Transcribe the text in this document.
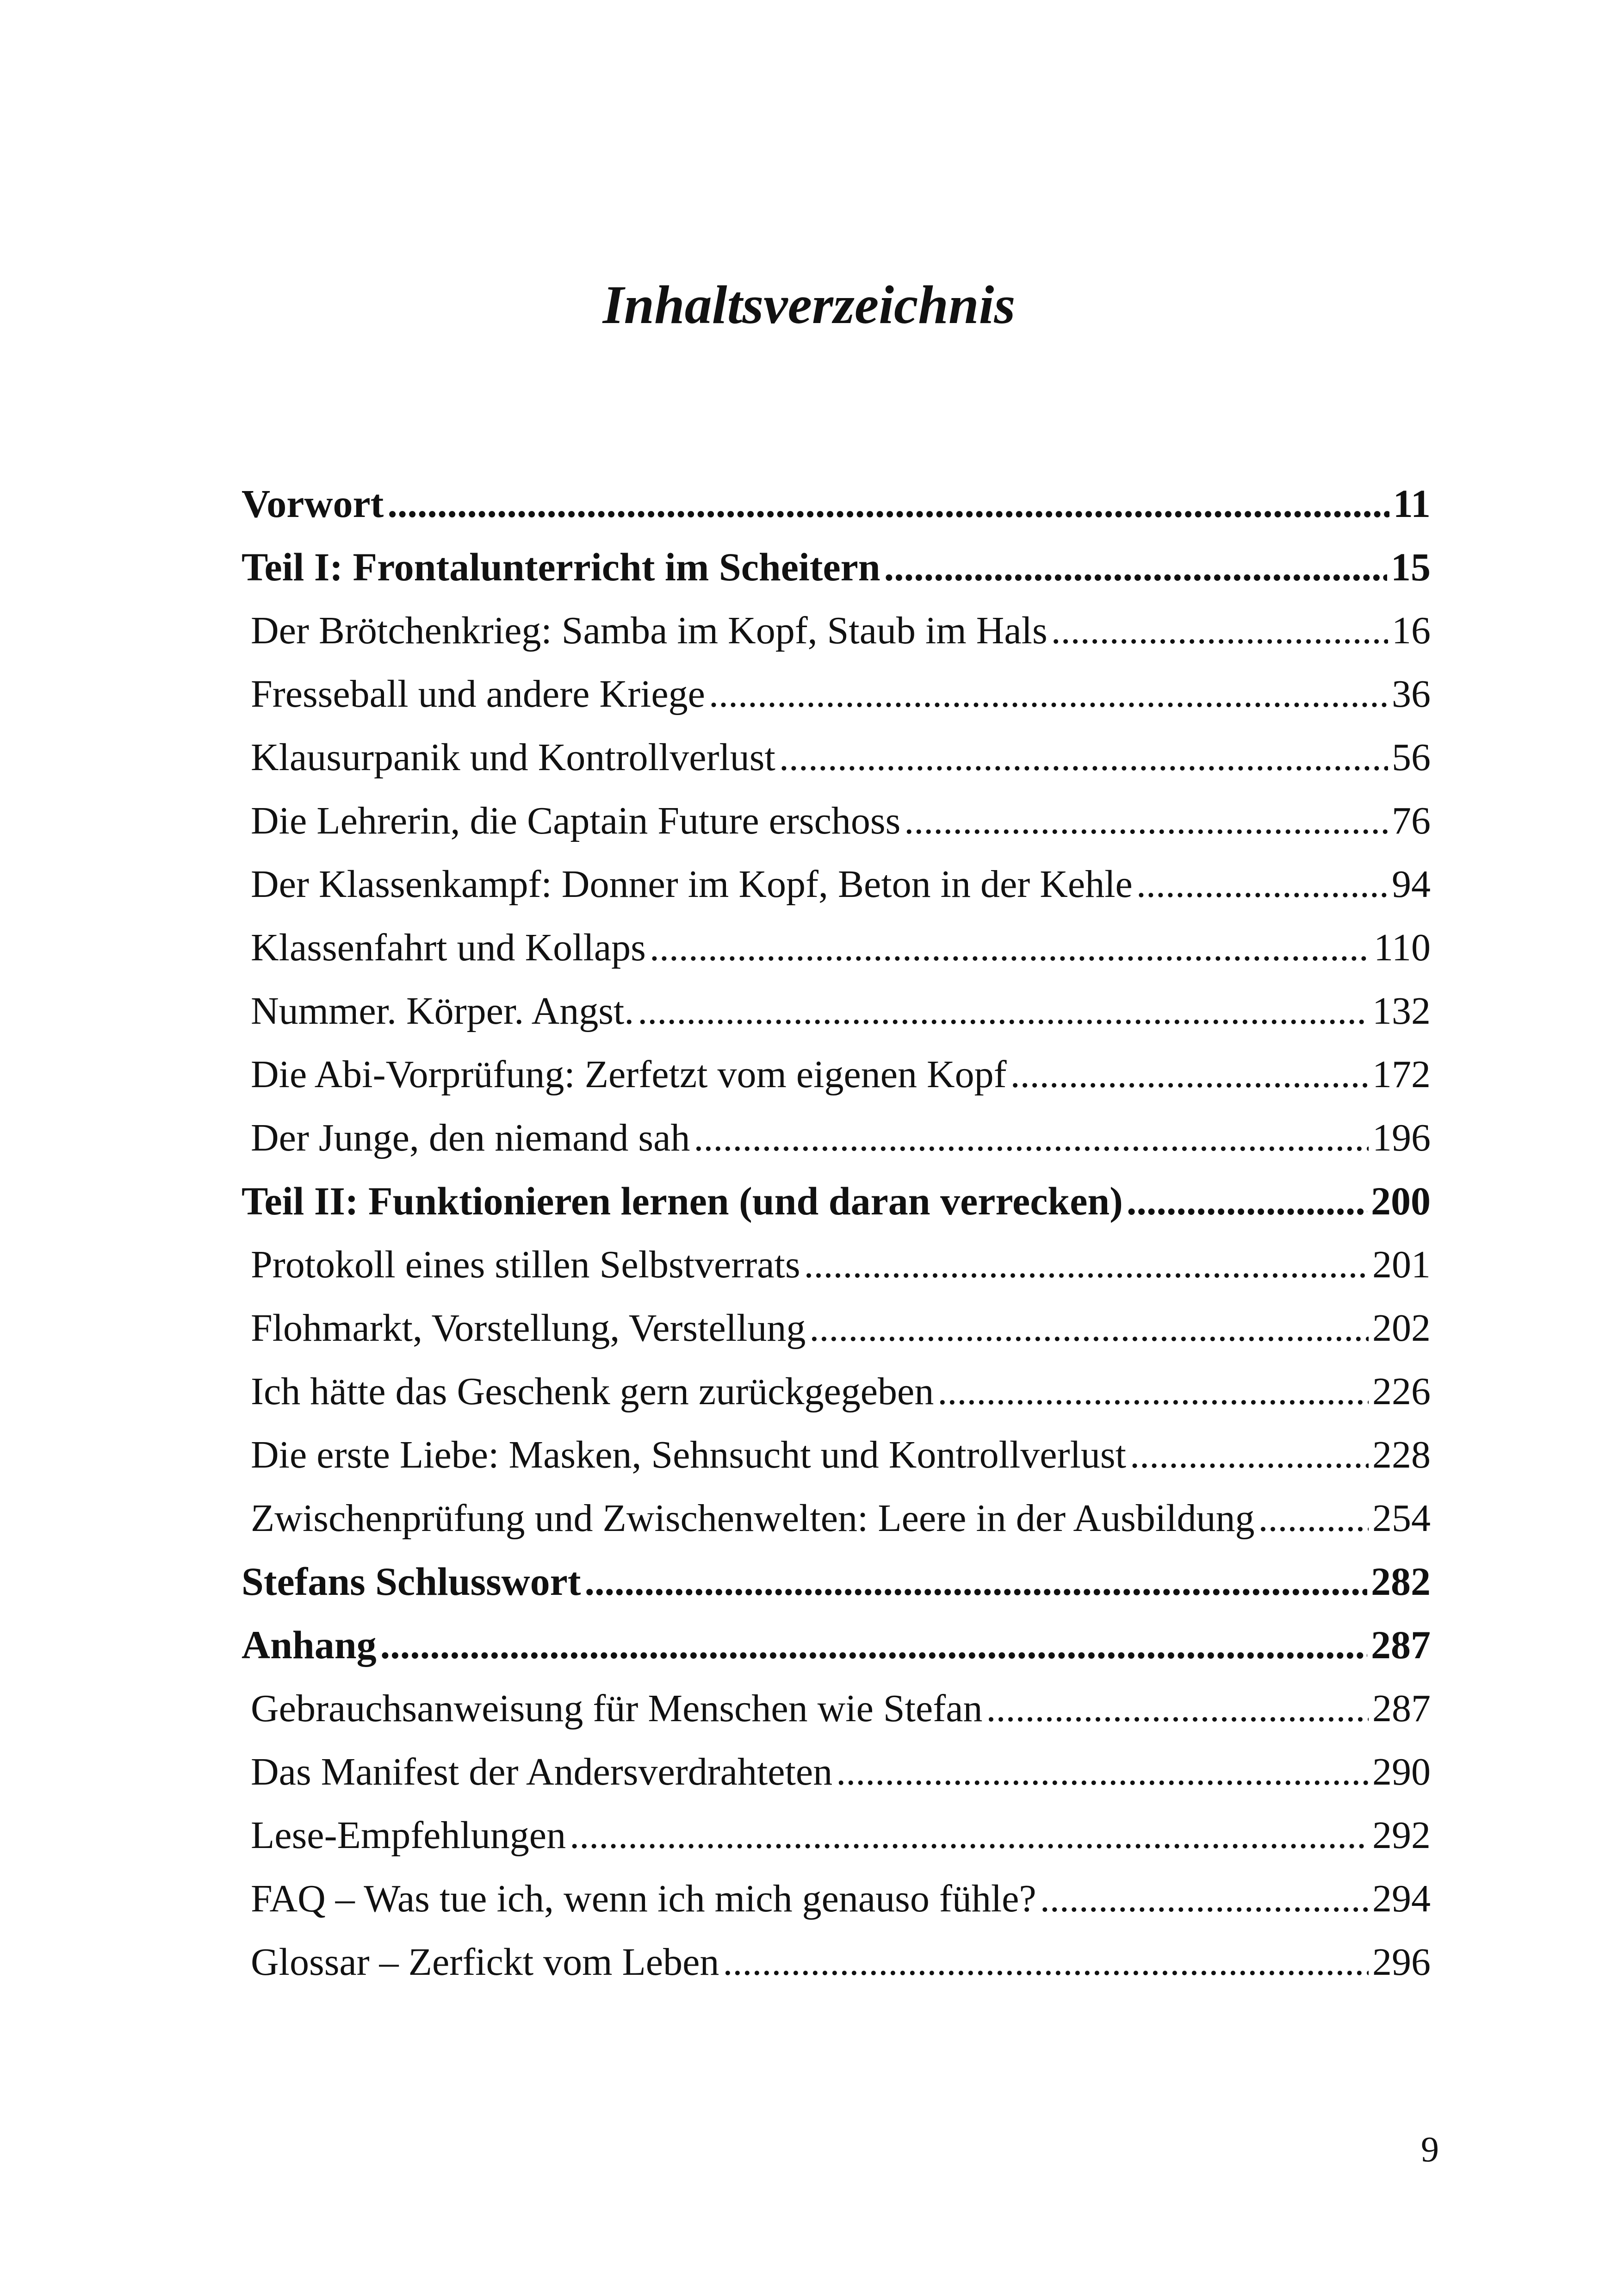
Inhaltsverzeichnis
Vorwort .....	11
Teil I: Frontalunterricht im Scheitern .....	15
Der Brötchenkrieg: Samba im Kopf, Staub im Hals .....	16
Fresseball und andere Kriege .....	36
Klausurpanik und Kontrollverlust .....	56
Die Lehrerin, die Captain Future erschoss .....	76
Der Klassenkampf: Donner im Kopf, Beton in der Kehle .....	94
Klassenfahrt und Kollaps .....	110
Nummer. Körper. Angst. .....	132
Die Abi-Vorprüfung: Zerfetzt vom eigenen Kopf .....	172
Der Junge, den niemand sah .....	196
Teil II: Funktionieren lernen (und daran verrecken) .....	200
Protokoll eines stillen Selbstverrats .....	201
Flohmarkt, Vorstellung, Verstellung .....	202
Ich hätte das Geschenk gern zurückgegeben .....	226
Die erste Liebe: Masken, Sehnsucht und Kontrollverlust .....	228
Zwischenprüfung und Zwischenwelten: Leere in der Ausbildung .....	254
Stefans Schlusswort .....	282
Anhang .....	287
Gebrauchsanweisung für Menschen wie Stefan .....	287
Das Manifest der Andersverdrahteten .....	290
Lese-Empfehlungen .....	292
FAQ – Was tue ich, wenn ich mich genauso fühle? .....	294
Glossar – Zerfickt vom Leben .....	296
9
